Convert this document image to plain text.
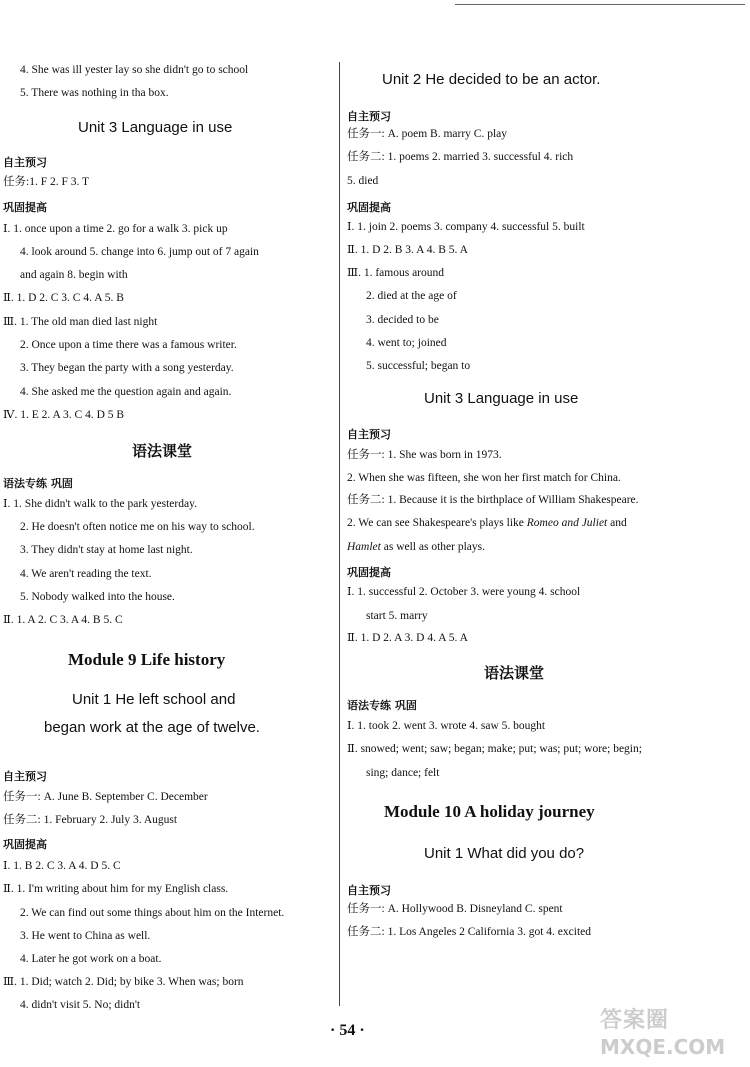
4. She was ill yester lay so she didn't go to school
5. There was nothing in tha box.
Unit 3 Language in use
自主预习
任务:1. F 2. F 3. T
巩固提高
Ⅰ. 1. once upon a time 2. go for a walk 3. pick up
4. look around 5. change into 6. jump out of 7 again
and again 8. begin with
Ⅱ. 1. D 2. C 3. C 4. A 5. B
Ⅲ. 1. The old man died last night
2. Once upon a time there was a famous writer.
3. They began the party with a song yesterday.
4. She asked me the question again and again.
Ⅳ. 1. E 2. A 3. C 4. D 5 B
语法课堂
语法专练 巩固
Ⅰ. 1. She didn't walk to the park yesterday.
2. He doesn't often notice me on his way to school.
3. They didn't stay at home last night.
4. We aren't reading the text.
5. Nobody walked into the house.
Ⅱ. 1. A 2. C 3. A 4. B 5. C
Module 9 Life history
Unit 1 He left school and
began work at the age of twelve.
自主预习
任务一: A. June B. September C. December
任务二: 1. February 2. July 3. August
巩固提高
Ⅰ. 1. B 2. C 3. A 4. D 5. C
Ⅱ. 1. I'm writing about him for my English class.
2. We can find out some things about him on the Internet.
3. He went to China as well.
4. Later he got work on a boat.
Ⅲ. 1. Did; watch 2. Did; by bike 3. When was; born
4. didn't visit 5. No; didn't
Unit 2 He decided to be an actor.
自主预习
任务一: A. poem B. marry C. play
任务二: 1. poems 2. married 3. successful 4. rich
5. died
巩固提高
Ⅰ. 1. join 2. poems 3. company 4. successful 5. built
Ⅱ. 1. D 2. B 3. A 4. B 5. A
Ⅲ. 1. famous around
2. died at the age of
3. decided to be
4. went to; joined
5. successful; began to
Unit 3 Language in use
自主预习
任务一: 1. She was born in 1973.
2. When she was fifteen, she won her first match for China.
任务二: 1. Because it is the birthplace of William Shakespeare.
2. We can see Shakespeare's plays like Romeo and Juliet and
Hamlet as well as other plays.
巩固提高
Ⅰ. 1. successful 2. October 3. were young 4. school
start 5. marry
Ⅱ. 1. D 2. A 3. D 4. A 5. A
语法课堂
语法专练 巩固
Ⅰ. 1. took 2. went 3. wrote 4. saw 5. bought
Ⅱ. snowed; went; saw; began; make; put; was; put; wore; begin;
sing; dance; felt
Module 10 A holiday journey
Unit 1 What did you do?
自主预习
任务一: A. Hollywood B. Disneyland C. spent
任务二: 1. Los Angeles 2 California 3. got 4. excited
· 54 ·	答案圈
MXQE.COM
